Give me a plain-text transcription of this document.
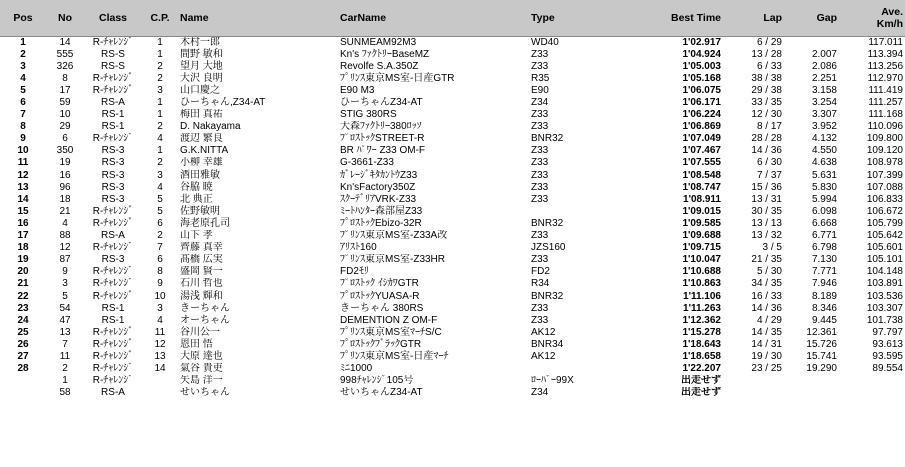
Pos	No	Class	C.P.	Name	CarName	Type	Best Time	Lap	Gap	Ave.
Km/h
1	14	R-ﾁｬﾚﾝｼﾞ	1	木村一郎	SUNMEAM92M3	WD40	1'02.917	6 / 29		117.011
2	555	RS-S	1	間野 敏和	Kn's ﾌｧｸﾄﾘｰBaseMZ	Z33	1'04.924	13 / 28	2.007	113.394
3	326	RS-S	2	望月 大地	Revolfe S.A.350Z	Z33	1'05.003	6 / 33	2.086	113.256
4	8	R-ﾁｬﾚﾝｼﾞ	2	大沢 良明	ﾌﾟﾘﾝｽ東京MS室-日産GTR	R35	1'05.168	38 / 38	2.251	112.970
5	17	R-ﾁｬﾚﾝｼﾞ	3	山口慶之	E90 M3	E90	1'06.075	29 / 38	3.158	111.419
6	59	RS-A	1	ひーちゃん,Z34-AT	ひーちゃんZ34-AT	Z34	1'06.171	33 / 35	3.254	111.257
7	10	RS-1	1	梅田 真祐	STIG 380RS	Z33	1'06.224	12 / 30	3.307	111.168
8	29	RS-1	2	D. Nakayama	大森ﾌｧｸﾄﾘｰ380ﾛｯｿ	Z33	1'06.869	8 / 17	3.952	110.096
9	6	R-ﾁｬﾚﾝｼﾞ	4	渡辺 繁良	ﾌﾟﾛｽﾄｯｸSTREET-R	BNR32	1'07.049	28 / 28	4.132	109.800
10	350	RS-3	1	G.K.NITTA	BR ﾊﾟﾜｰ Z33 OM-F	Z33	1'07.467	14 / 36	4.550	109.120
11	19	RS-3	2	小柳 幸雄	G-3661-Z33	Z33	1'07.555	6 / 30	4.638	108.978
12	16	RS-3	3	酒田雅敏	ｶﾞﾚｰｼﾞｷﾀｶﾝﾄｳZ33	Z33	1'08.548	7 / 37	5.631	107.399
13	96	RS-3	4	谷脇 暁	Kn'sFactory350Z	Z33	1'08.747	15 / 36	5.830	107.088
14	18	RS-3	5	北 典正	ｽｸｰﾃﾞﾘｱVRK-Z33	Z33	1'08.911	13 / 31	5.994	106.833
15	21	R-ﾁｬﾚﾝｼﾞ	5	佐野敏明	ﾐｰﾄﾊﾝﾀｰ森部屋Z33		1'09.015	30 / 35	6.098	106.672
16	4	R-ﾁｬﾚﾝｼﾞ	6	海老原孔司	ﾌﾟﾛｽﾄｯｸEbizo-32R	BNR32	1'09.585	13 / 13	6.668	105.799
17	88	RS-A	2	山下 孝	ﾌﾟﾘﾝｽ東京MS室-Z33A改	Z33	1'09.688	13 / 32	6.771	105.642
18	12	R-ﾁｬﾚﾝｼﾞ	7	齊藤 真幸	ｱﾘｽﾄ160	JZS160	1'09.715	3 / 5	6.798	105.601
19	87	RS-3	6	髙橋 広実	ﾌﾟﾘﾝｽ東京MS室-Z33HR	Z33	1'10.047	21 / 35	7.130	105.101
20	9	R-ﾁｬﾚﾝｼﾞ	8	盛岡 賢一	FD2ﾓﾘ	FD2	1'10.688	5 / 30	7.771	104.148
21	3	R-ﾁｬﾚﾝｼﾞ	9	石川 哲也	ﾌﾟﾛｽﾄｯｸ ｲｼｶﾜGTR	R34	1'10.863	34 / 35	7.946	103.891
22	5	R-ﾁｬﾚﾝｼﾞ	10	湯浅 輝和	ﾌﾟﾛｽﾄｯｸYUASA-R	BNR32	1'11.106	16 / 33	8.189	103.536
23	54	RS-1	3	きーちゃん	きーちゃん 380RS	Z33	1'11.263	14 / 36	8.346	103.307
24	47	RS-1	4	オーちゃん	DEMENTION Z OM-F	Z33	1'12.362	4 / 29	9.445	101.738
25	13	R-ﾁｬﾚﾝｼﾞ	11	谷川公一	ﾌﾟﾘﾝｽ東京MS室ﾏｰﾁS/C	AK12	1'15.278	14 / 35	12.361	97.797
26	7	R-ﾁｬﾚﾝｼﾞ	12	恩田 悟	ﾌﾟﾛｽﾄｯｸﾌﾞﾗｯｸGTR	BNR34	1'18.643	14 / 31	15.726	93.613
27	11	R-ﾁｬﾚﾝｼﾞ	13	大原 達也	ﾌﾟﾘﾝｽ東京MS室-日産ﾏｰﾁ	AK12	1'18.658	19 / 30	15.741	93.595
28	2	R-ﾁｬﾚﾝｼﾞ	14	氣谷 貴吏	ﾐﾆ1000		1'22.207	23 / 25	19.290	89.554
	1	R-ﾁｬﾚﾝｼﾞ		矢島 洋一	998ﾁｬﾚﾝｼﾞ105号	ﾛｰﾊﾞｰ99X	出走せず			
	58	RS-A		せいちゃん	せいちゃんZ34-AT	Z34	出走せず			
